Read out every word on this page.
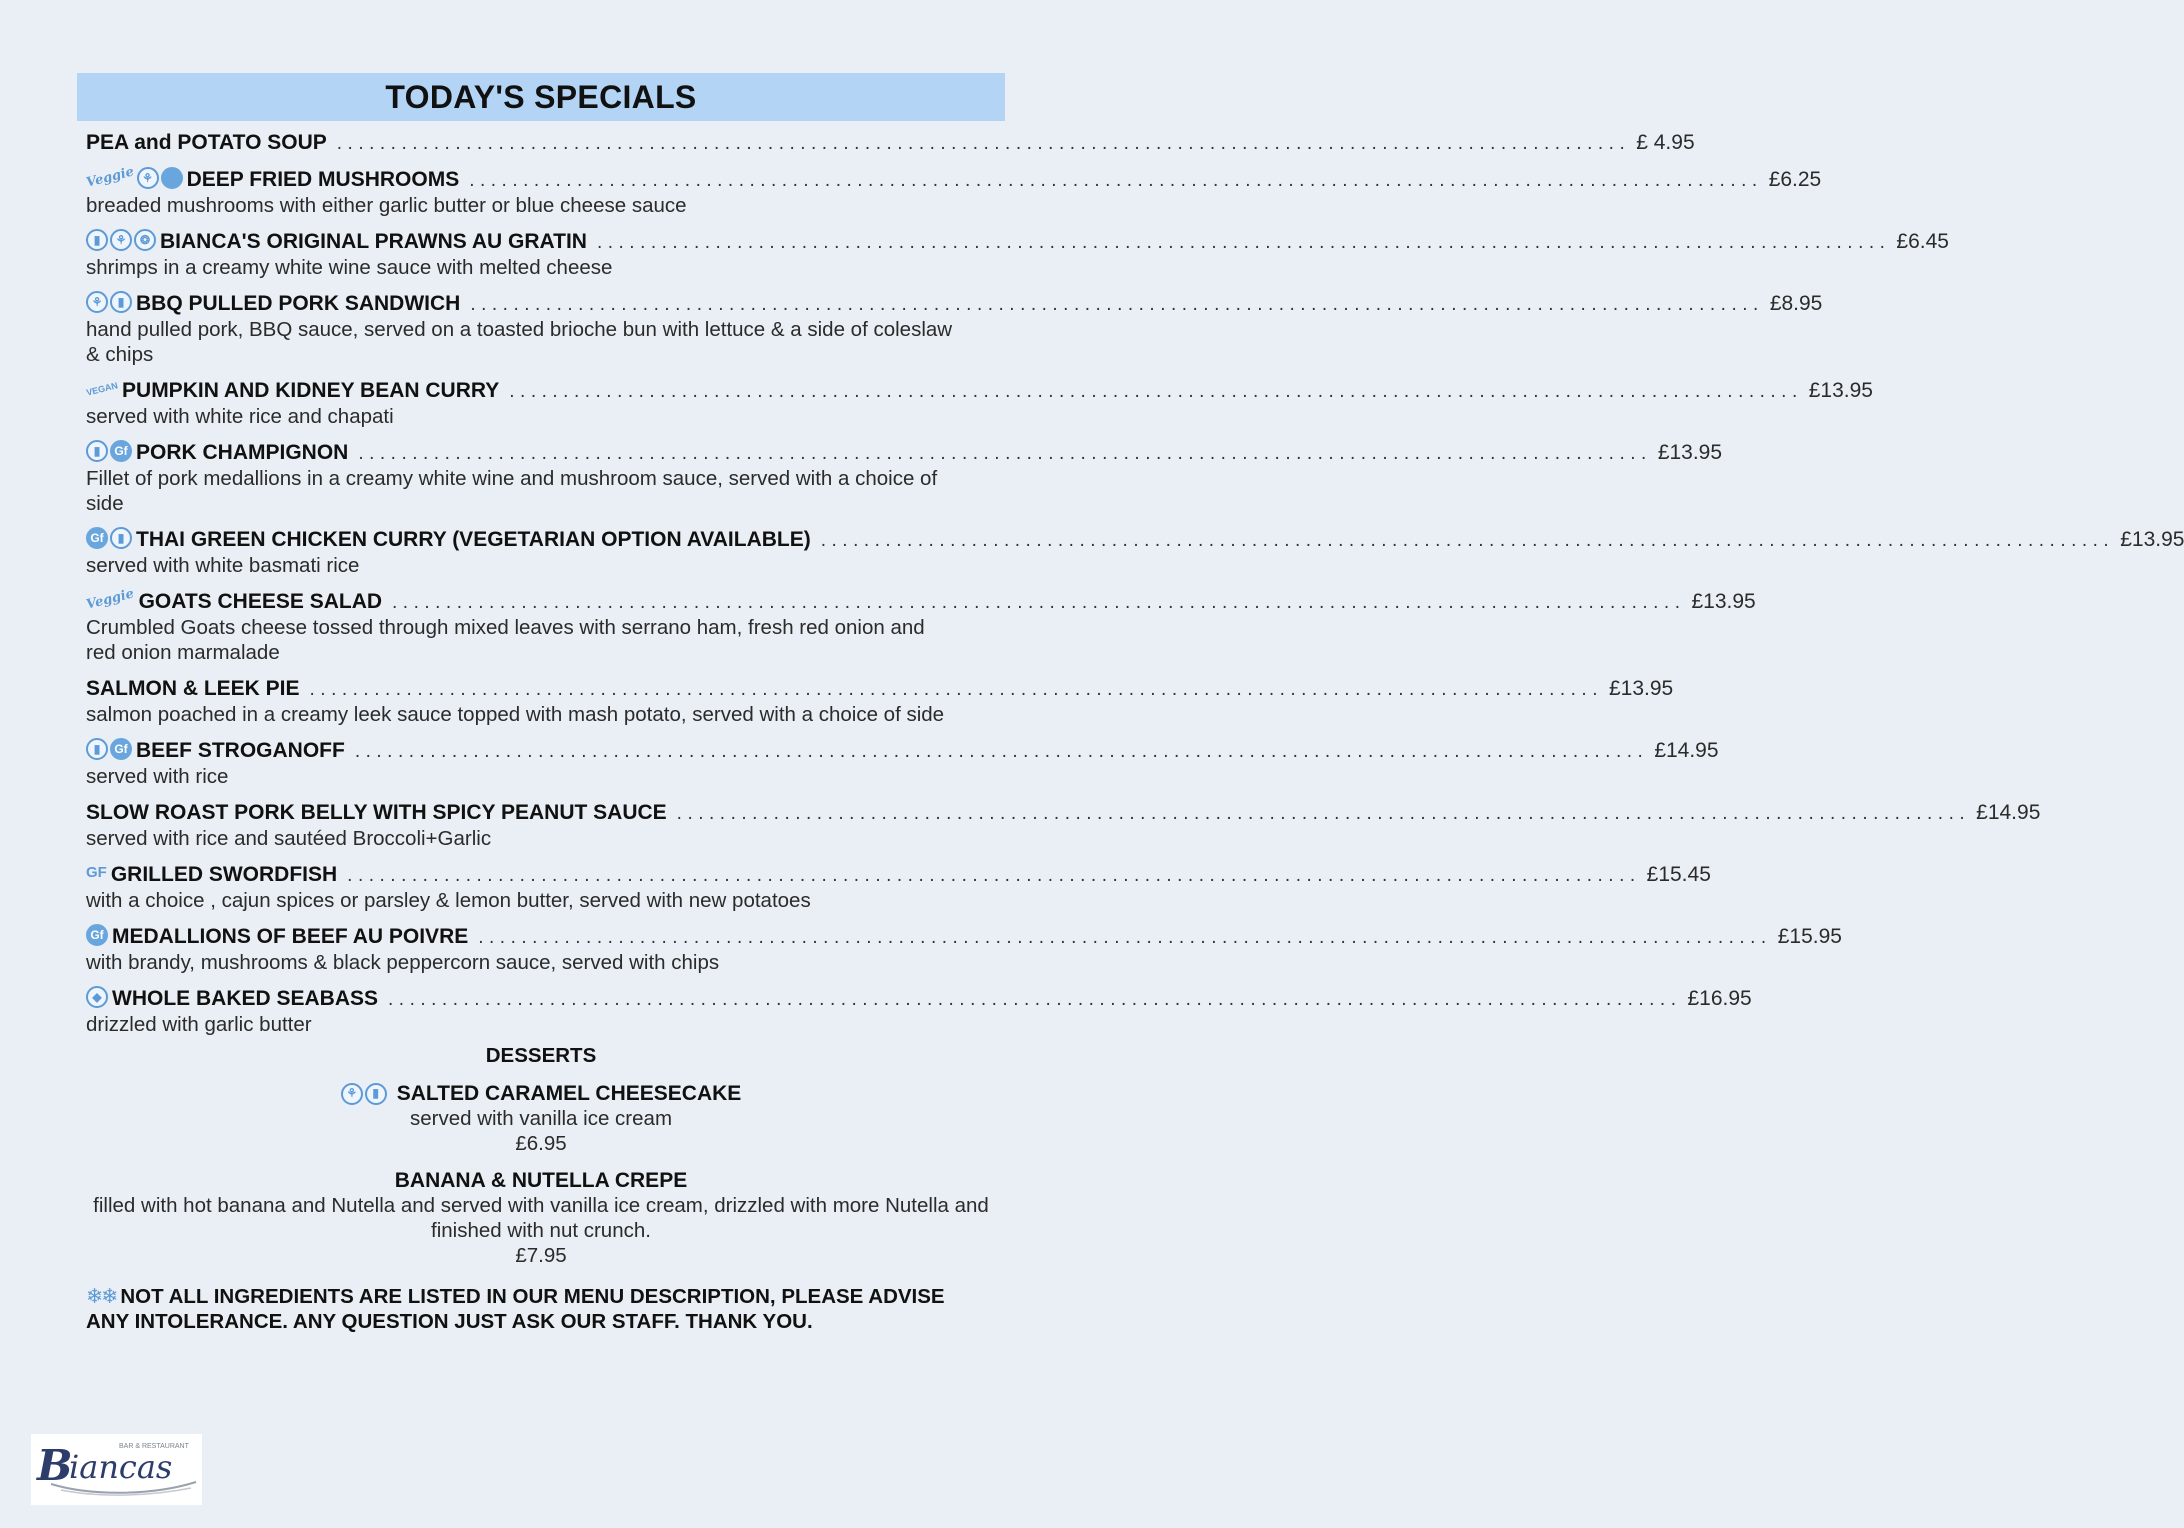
TODAY'S SPECIALS
PEA and POTATO SOUP ........................................................................................................................ £ 4.95
Veggie ⚘ DEEP FRIED MUSHROOMS ........................................................................................................................ £6.25
breaded mushrooms with either garlic butter or blue cheese sauce
▮	⚘	❂ BIANCA'S ORIGINAL PRAWNS AU GRATIN ........................................................................................................................ £6.45
shrimps in a creamy white wine sauce with melted cheese
⚘	▮ BBQ PULLED PORK SANDWICH ........................................................................................................................ £8.95
hand pulled pork, BBQ sauce, served on a toasted brioche bun with lettuce & a side of coleslaw & chips
VEGAN PUMPKIN AND KIDNEY BEAN CURRY ........................................................................................................................ £13.95
served with white rice and chapati
▮	Gf PORK CHAMPIGNON ........................................................................................................................ £13.95
Fillet of pork medallions in a creamy white wine and mushroom sauce, served with a choice of side
Gf	▮ THAI GREEN CHICKEN CURRY (VEGETARIAN OPTION AVAILABLE) ........................................................................................................................ £13.95
served with white basmati rice
Veggie GOATS CHEESE SALAD ........................................................................................................................ £13.95
Crumbled Goats cheese tossed through mixed leaves with serrano ham, fresh red onion and red onion marmalade
SALMON & LEEK PIE ........................................................................................................................ £13.95
salmon poached in a creamy leek sauce topped with mash potato, served with a choice of side
▮	Gf BEEF STROGANOFF ........................................................................................................................ £14.95
served with rice
SLOW ROAST PORK BELLY WITH SPICY PEANUT SAUCE ........................................................................................................................ £14.95
served with rice and sautéed Broccoli+Garlic
GF GRILLED SWORDFISH ........................................................................................................................ £15.45
with a choice , cajun spices or parsley & lemon butter, served with new potatoes
Gf MEDALLIONS OF BEEF AU POIVRE ........................................................................................................................ £15.95
with brandy, mushrooms & black peppercorn sauce, served with chips
◆ WHOLE BAKED SEABASS ........................................................................................................................ £16.95
drizzled with garlic butter
DESSERTS
⚘	▮ SALTED CARAMEL CHEESECAKE
served with vanilla ice cream
£6.95
BANANA & NUTELLA CREPE
filled with hot banana and Nutella and served with vanilla ice cream, drizzled with more Nutella and finished with nut crunch.
£7.95
❄❄ NOT ALL INGREDIENTS ARE LISTED IN OUR MENU DESCRIPTION, PLEASE ADVISE ANY INTOLERANCE. ANY QUESTION JUST ASK OUR STAFF. THANK YOU.
B
iancas
BAR & RESTAURANT
